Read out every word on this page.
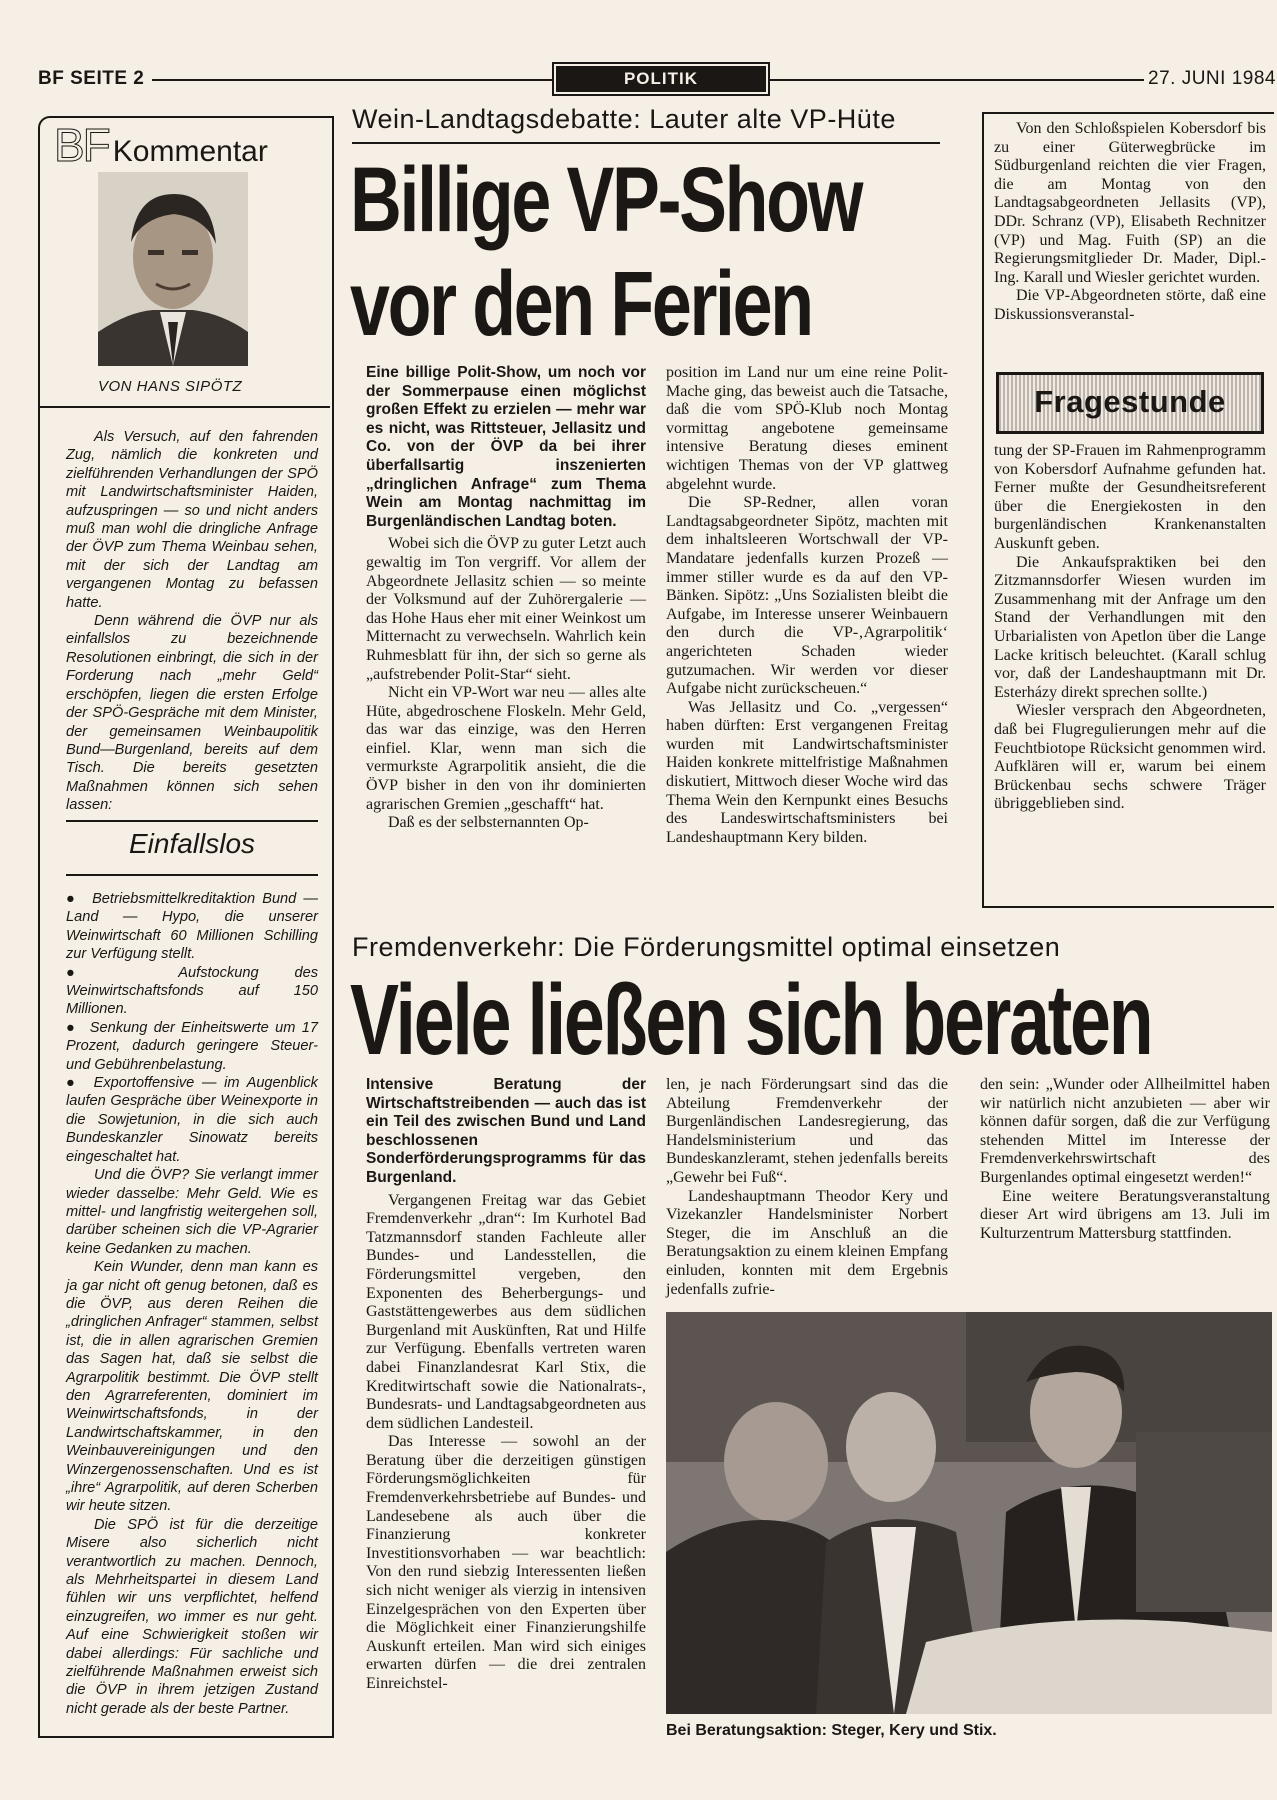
BF SEITE 2	POLITIK	27. JUNI 1984
BF Kommentar
VON HANS SIPÖTZ

Als Versuch, auf den fahrenden Zug, nämlich die konkreten und zielführenden Verhandlungen der SPÖ mit Landwirtschaftsminister Haiden, aufzuspringen — so und nicht anders muß man wohl die dringliche Anfrage der ÖVP zum Thema Weinbau sehen, mit der sich der Landtag am vergangenen Montag zu befassen hatte.

Denn während die ÖVP nur als einfallslos zu bezeichnende Resolutionen einbringt, die sich in der Forderung nach „mehr Geld“ erschöpfen, liegen die ersten Erfolge der SPÖ-Gespräche mit dem Minister, der gemeinsamen Weinbaupolitik Bund—Burgenland, bereits auf dem Tisch. Die bereits gesetzten Maßnahmen können sich sehen lassen:

Einfallslos

●  Betriebsmittelkreditaktion Bund — Land — Hypo, die unserer Weinwirtschaft 60 Millionen Schilling zur Verfügung stellt.

●  Aufstockung des Weinwirtschaftsfonds auf 150 Millionen.

●  Senkung der Einheitswerte um 17 Prozent, dadurch geringere Steuer- und Gebührenbelastung.

●  Exportoffensive — im Augenblick laufen Gespräche über Weinexporte in die Sowjetunion, in die sich auch Bundeskanzler Sinowatz bereits eingeschaltet hat.

Und die ÖVP? Sie verlangt immer wieder dasselbe: Mehr Geld. Wie es mittel- und langfristig weitergehen soll, darüber scheinen sich die VP-Agrarier keine Gedanken zu machen.

Kein Wunder, denn man kann es ja gar nicht oft genug betonen, daß es die ÖVP, aus deren Reihen die „dringlichen Anfrager“ stammen, selbst ist, die in allen agrarischen Gremien das Sagen hat, daß sie selbst die Agrarpolitik bestimmt. Die ÖVP stellt den Agrarreferenten, dominiert im Weinwirtschaftsfonds, in der Landwirtschaftskammer, in den Weinbauvereinigungen und den Winzergenossenschaften. Und es ist „ihre“ Agrarpolitik, auf deren Scherben wir heute sitzen.

Die SPÖ ist für die derzeitige Misere also sicherlich nicht verantwortlich zu machen. Dennoch, als Mehrheitspartei in diesem Land fühlen wir uns verpflichtet, helfend einzugreifen, wo immer es nur geht. Auf eine Schwierigkeit stoßen wir dabei allerdings: Für sachliche und zielführende Maßnahmen erweist sich die ÖVP in ihrem jetzigen Zustand nicht gerade als der beste Partner.

Wein-Landtagsdebatte: Lauter alte VP-Hüte
Billige VP-Show
vor den Ferien

Eine billige Polit-Show, um noch vor der Sommerpause einen möglichst großen Effekt zu erzielen — mehr war es nicht, was Rittsteuer, Jellasitz und Co. von der ÖVP da bei ihrer überfallsartig inszenierten „dringlichen Anfrage“ zum Thema Wein am Montag nachmittag im Burgenländischen Landtag boten.

Wobei sich die ÖVP zu guter Letzt auch gewaltig im Ton vergriff. Vor allem der Abgeordnete Jellasitz schien — so meinte der Volksmund auf der Zuhörergalerie — das Hohe Haus eher mit einer Weinkost um Mitternacht zu verwechseln. Wahrlich kein Ruhmesblatt für ihn, der sich so gerne als „aufstrebender Polit-Star“ sieht.

Nicht ein VP-Wort war neu — alles alte Hüte, abgedroschene Floskeln. Mehr Geld, das war das einzige, was den Herren einfiel. Klar, wenn man sich die vermurkste Agrarpolitik ansieht, die die ÖVP bisher in den von ihr dominierten agrarischen Gremien „geschafft“ hat.

Daß es der selbsternannten Op-

position im Land nur um eine reine Polit-Mache ging, das beweist auch die Tatsache, daß die vom SPÖ-Klub noch Montag vormittag angebotene gemeinsame intensive Beratung dieses eminent wichtigen Themas von der VP glattweg abgelehnt wurde.

Die SP-Redner, allen voran Landtagsabgeordneter Sipötz, machten mit dem inhaltsleeren Wortschwall der VP-Mandatare jedenfalls kurzen Prozeß — immer stiller wurde es da auf den VP-Bänken. Sipötz: „Uns Sozialisten bleibt die Aufgabe, im Interesse unserer Weinbauern den durch die VP-‚Agrarpolitik‘ angerichteten Schaden wieder gutzumachen. Wir werden vor dieser Aufgabe nicht zurückscheuen.“

Was Jellasitz und Co. „vergessen“ haben dürften: Erst vergangenen Freitag wurden mit Landwirtschaftsminister Haiden konkrete mittelfristige Maßnahmen diskutiert, Mittwoch dieser Woche wird das Thema Wein den Kernpunkt eines Besuchs des Landeswirtschaftsministers bei Landeshauptmann Kery bilden.

Von den Schloßspielen Kobersdorf bis zu einer Güterwegbrücke im Südburgenland reichten die vier Fragen, die am Montag von den Landtagsabgeordneten Jellasits (VP), DDr. Schranz (VP), Elisabeth Rechnitzer (VP) und Mag. Fuith (SP) an die Regierungsmitglieder Dr. Mader, Dipl.-Ing. Karall und Wiesler gerichtet wurden.

Die VP-Abgeordneten störte, daß eine Diskussionsveranstal-

Fragestunde

tung der SP-Frauen im Rahmenprogramm von Kobersdorf Aufnahme gefunden hat. Ferner mußte der Gesundheitsreferent über die Energiekosten in den burgenländischen Krankenanstalten Auskunft geben.

Die Ankaufspraktiken bei den Zitzmannsdorfer Wiesen wurden im Zusammenhang mit der Anfrage um den Stand der Verhandlungen mit den Urbarialisten von Apetlon über die Lange Lacke kritisch beleuchtet. (Karall schlug vor, daß der Landeshauptmann mit Dr. Esterházy direkt sprechen sollte.)

Wiesler versprach den Abgeordneten, daß bei Flugregulierungen mehr auf die Feuchtbiotope Rücksicht genommen wird. Aufklären will er, warum bei einem Brückenbau sechs schwere Träger übriggeblieben sind.

Fremdenverkehr: Die Förderungsmittel optimal einsetzen
Viele ließen sich beraten

Intensive Beratung der Wirtschaftstreibenden — auch das ist ein Teil des zwischen Bund und Land beschlossenen Sonderförderungsprogramms für das Burgenland.

Vergangenen Freitag war das Gebiet Fremdenverkehr „dran“: Im Kurhotel Bad Tatzmannsdorf standen Fachleute aller Bundes- und Landesstellen, die Förderungsmittel vergeben, den Exponenten des Beherbergungs- und Gaststättengewerbes aus dem südlichen Burgenland mit Auskünften, Rat und Hilfe zur Verfügung. Ebenfalls vertreten waren dabei Finanzlandesrat Karl Stix, die Kreditwirtschaft sowie die Nationalrats-, Bundesrats- und Landtagsabgeordneten aus dem südlichen Landesteil.

Das Interesse — sowohl an der Beratung über die derzeitigen günstigen Förderungsmöglichkeiten für Fremdenverkehrsbetriebe auf Bundes- und Landesebene als auch über die Finanzierung konkreter Investitionsvorhaben — war beachtlich: Von den rund siebzig Interessenten ließen sich nicht weniger als vierzig in intensiven Einzelgesprächen von den Experten über die Möglichkeit einer Finanzierungshilfe Auskunft erteilen. Man wird sich einiges erwarten dürfen — die drei zentralen Einreichstel-

len, je nach Förderungsart sind das die Abteilung Fremdenverkehr der Burgenländischen Landesregierung, das Handelsministerium und das Bundeskanzleramt, stehen jedenfalls bereits „Gewehr bei Fuß“.

Landeshauptmann Theodor Kery und Vizekanzler Handelsminister Norbert Steger, die im Anschluß an die Beratungsaktion zu einem kleinen Empfang einluden, konnten mit dem Ergebnis jedenfalls zufrie-

den sein: „Wunder oder Allheilmittel haben wir natürlich nicht anzubieten — aber wir können dafür sorgen, daß die zur Verfügung stehenden Mittel im Interesse der Fremdenverkehrswirtschaft des Burgenlandes optimal eingesetzt werden!“

Eine weitere Beratungsveranstaltung dieser Art wird übrigens am 13. Juli im Kulturzentrum Mattersburg stattfinden.

Bei Beratungsaktion: Steger, Kery und Stix.
